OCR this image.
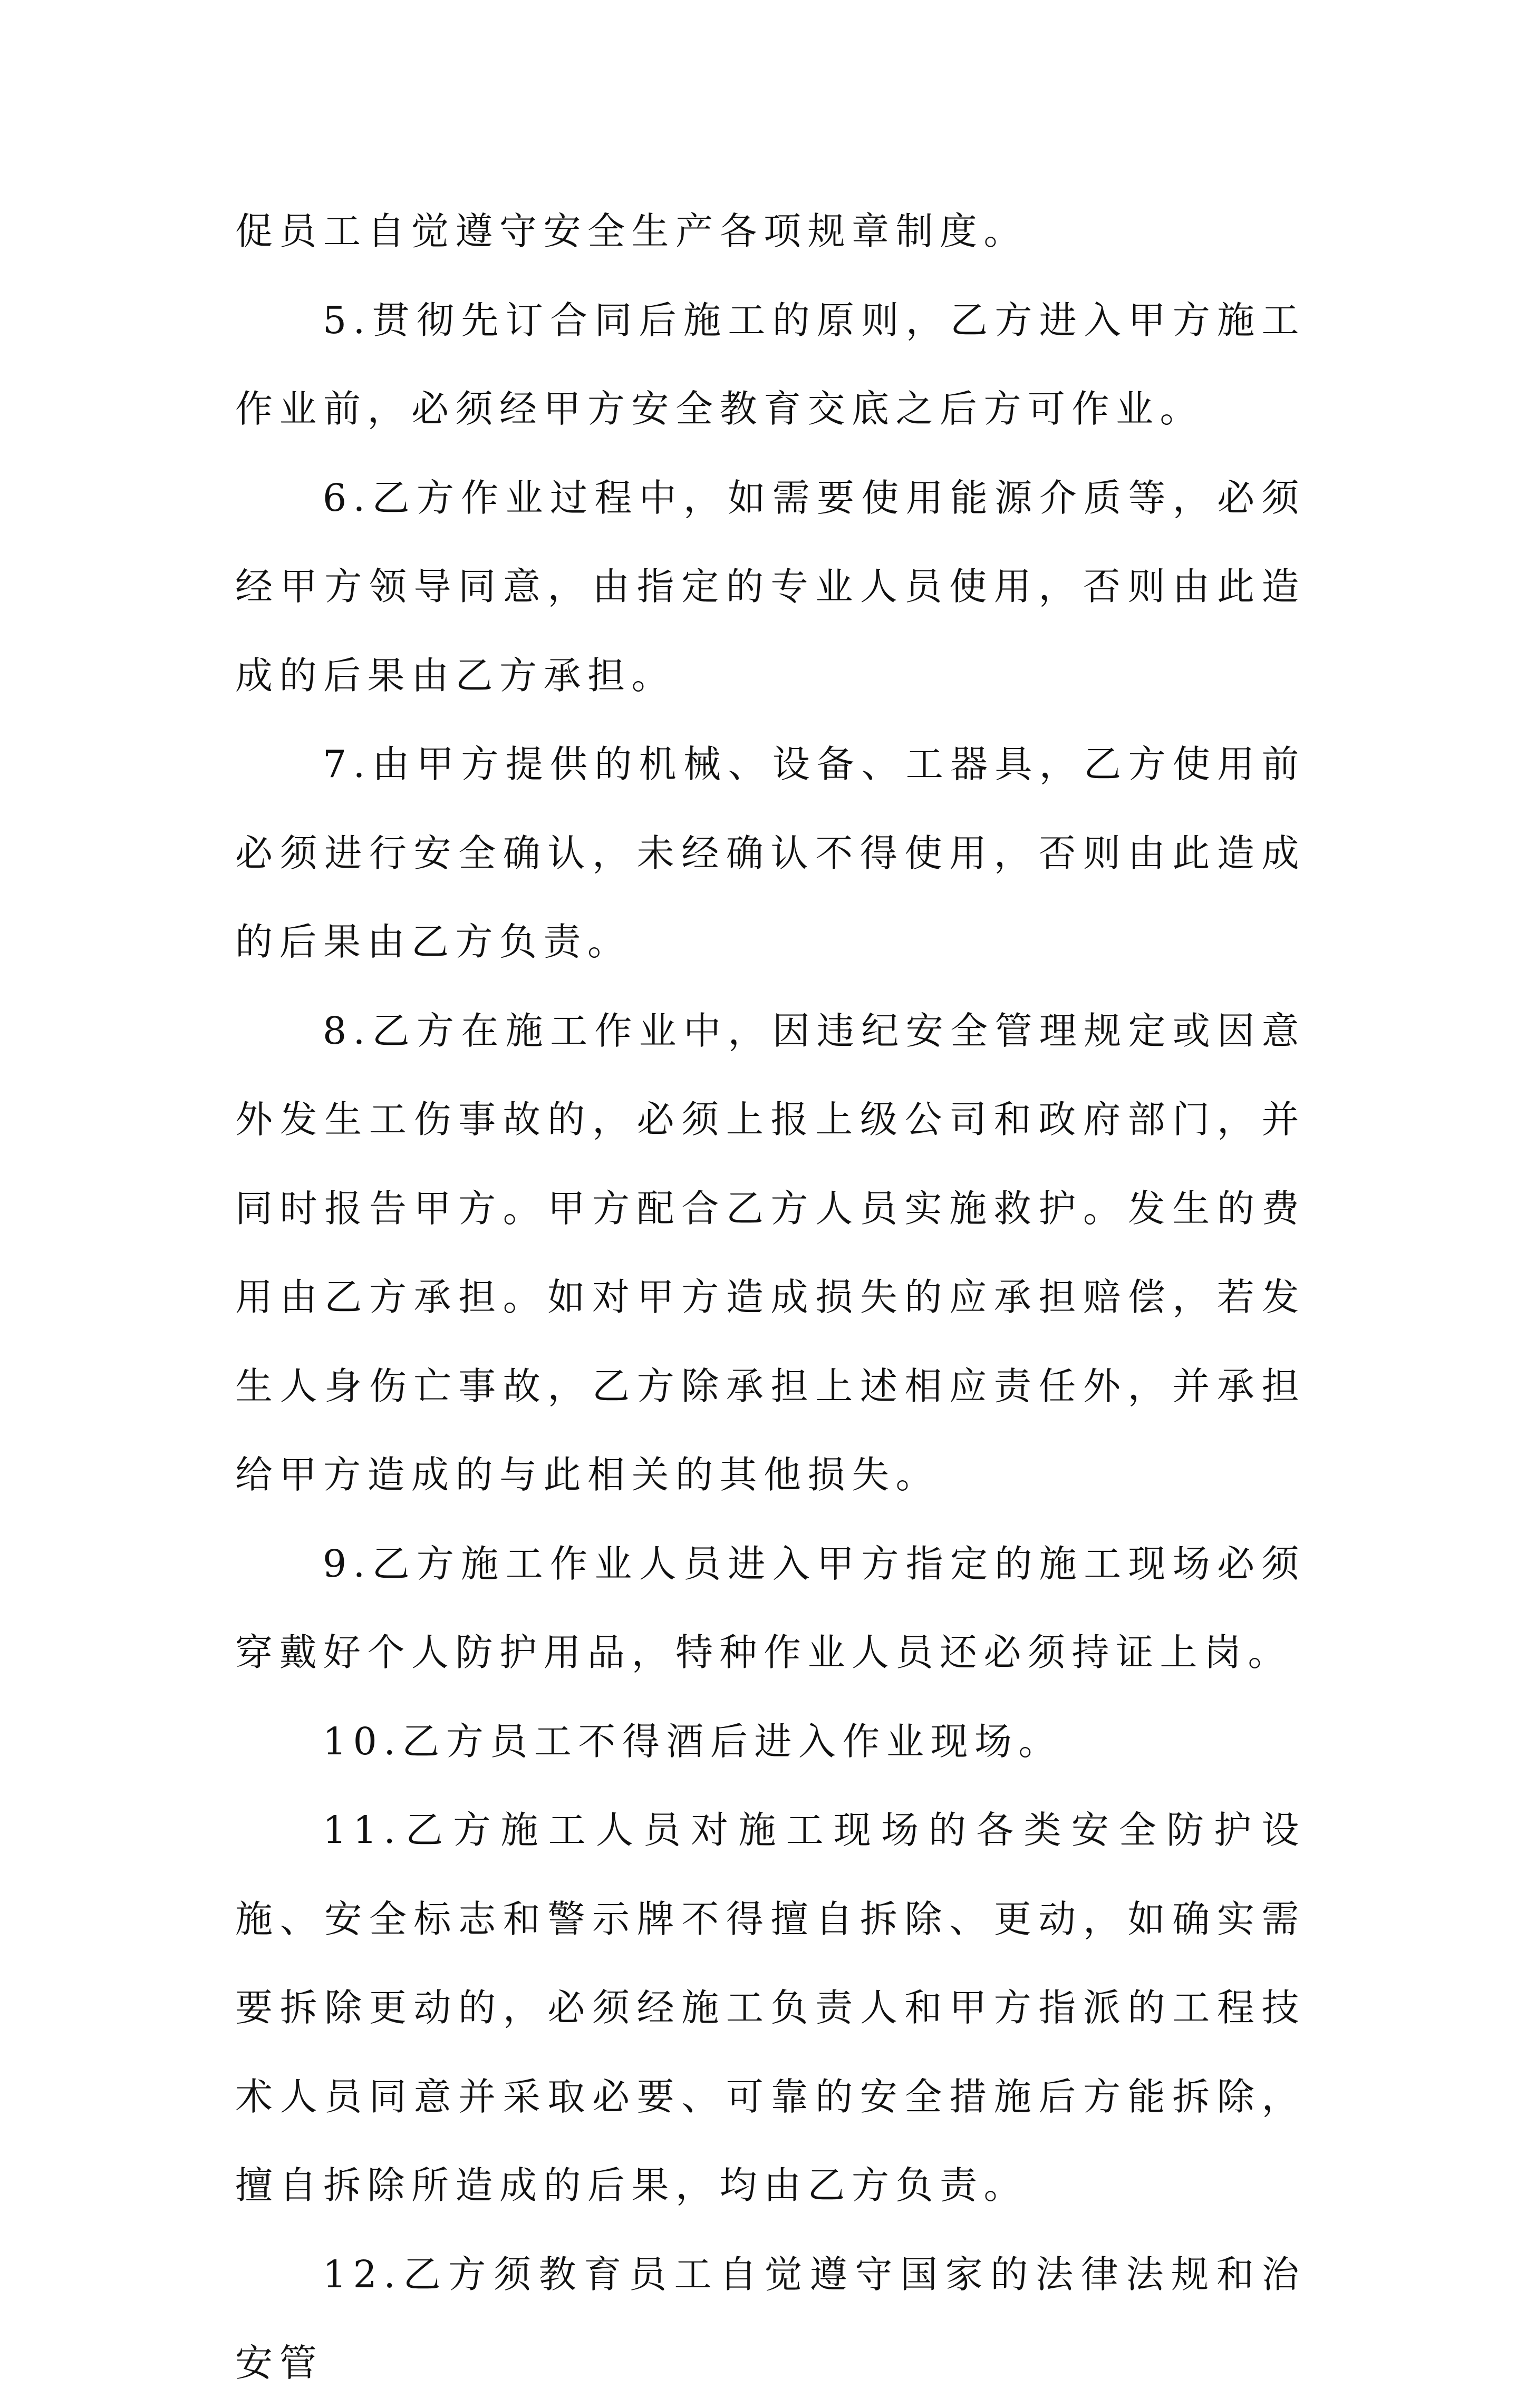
促员工自觉遵守安全生产各项规章制度。

5.贯彻先订合同后施工的原则，乙方进入甲方施工作业前，必须经甲方安全教育交底之后方可作业。

6.乙方作业过程中，如需要使用能源介质等，必须经甲方领导同意，由指定的专业人员使用，否则由此造成的后果由乙方承担。

7.由甲方提供的机械、设备、工器具，乙方使用前必须进行安全确认，未经确认不得使用，否则由此造成的后果由乙方负责。

8.乙方在施工作业中，因违纪安全管理规定或因意外发生工伤事故的，必须上报上级公司和政府部门，并同时报告甲方。甲方配合乙方人员实施救护。发生的费用由乙方承担。如对甲方造成损失的应承担赔偿，若发生人身伤亡事故，乙方除承担上述相应责任外，并承担给甲方造成的与此相关的其他损失。

9.乙方施工作业人员进入甲方指定的施工现场必须穿戴好个人防护用品，特种作业人员还必须持证上岗。

10.乙方员工不得酒后进入作业现场。

11.乙方施工人员对施工现场的各类安全防护设施、安全标志和警示牌不得擅自拆除、更动，如确实需要拆除更动的，必须经施工负责人和甲方指派的工程技术人员同意并采取必要、可靠的安全措施后方能拆除，擅自拆除所造成的后果，均由乙方负责。

12.乙方须教育员工自觉遵守国家的法律法规和治安管
